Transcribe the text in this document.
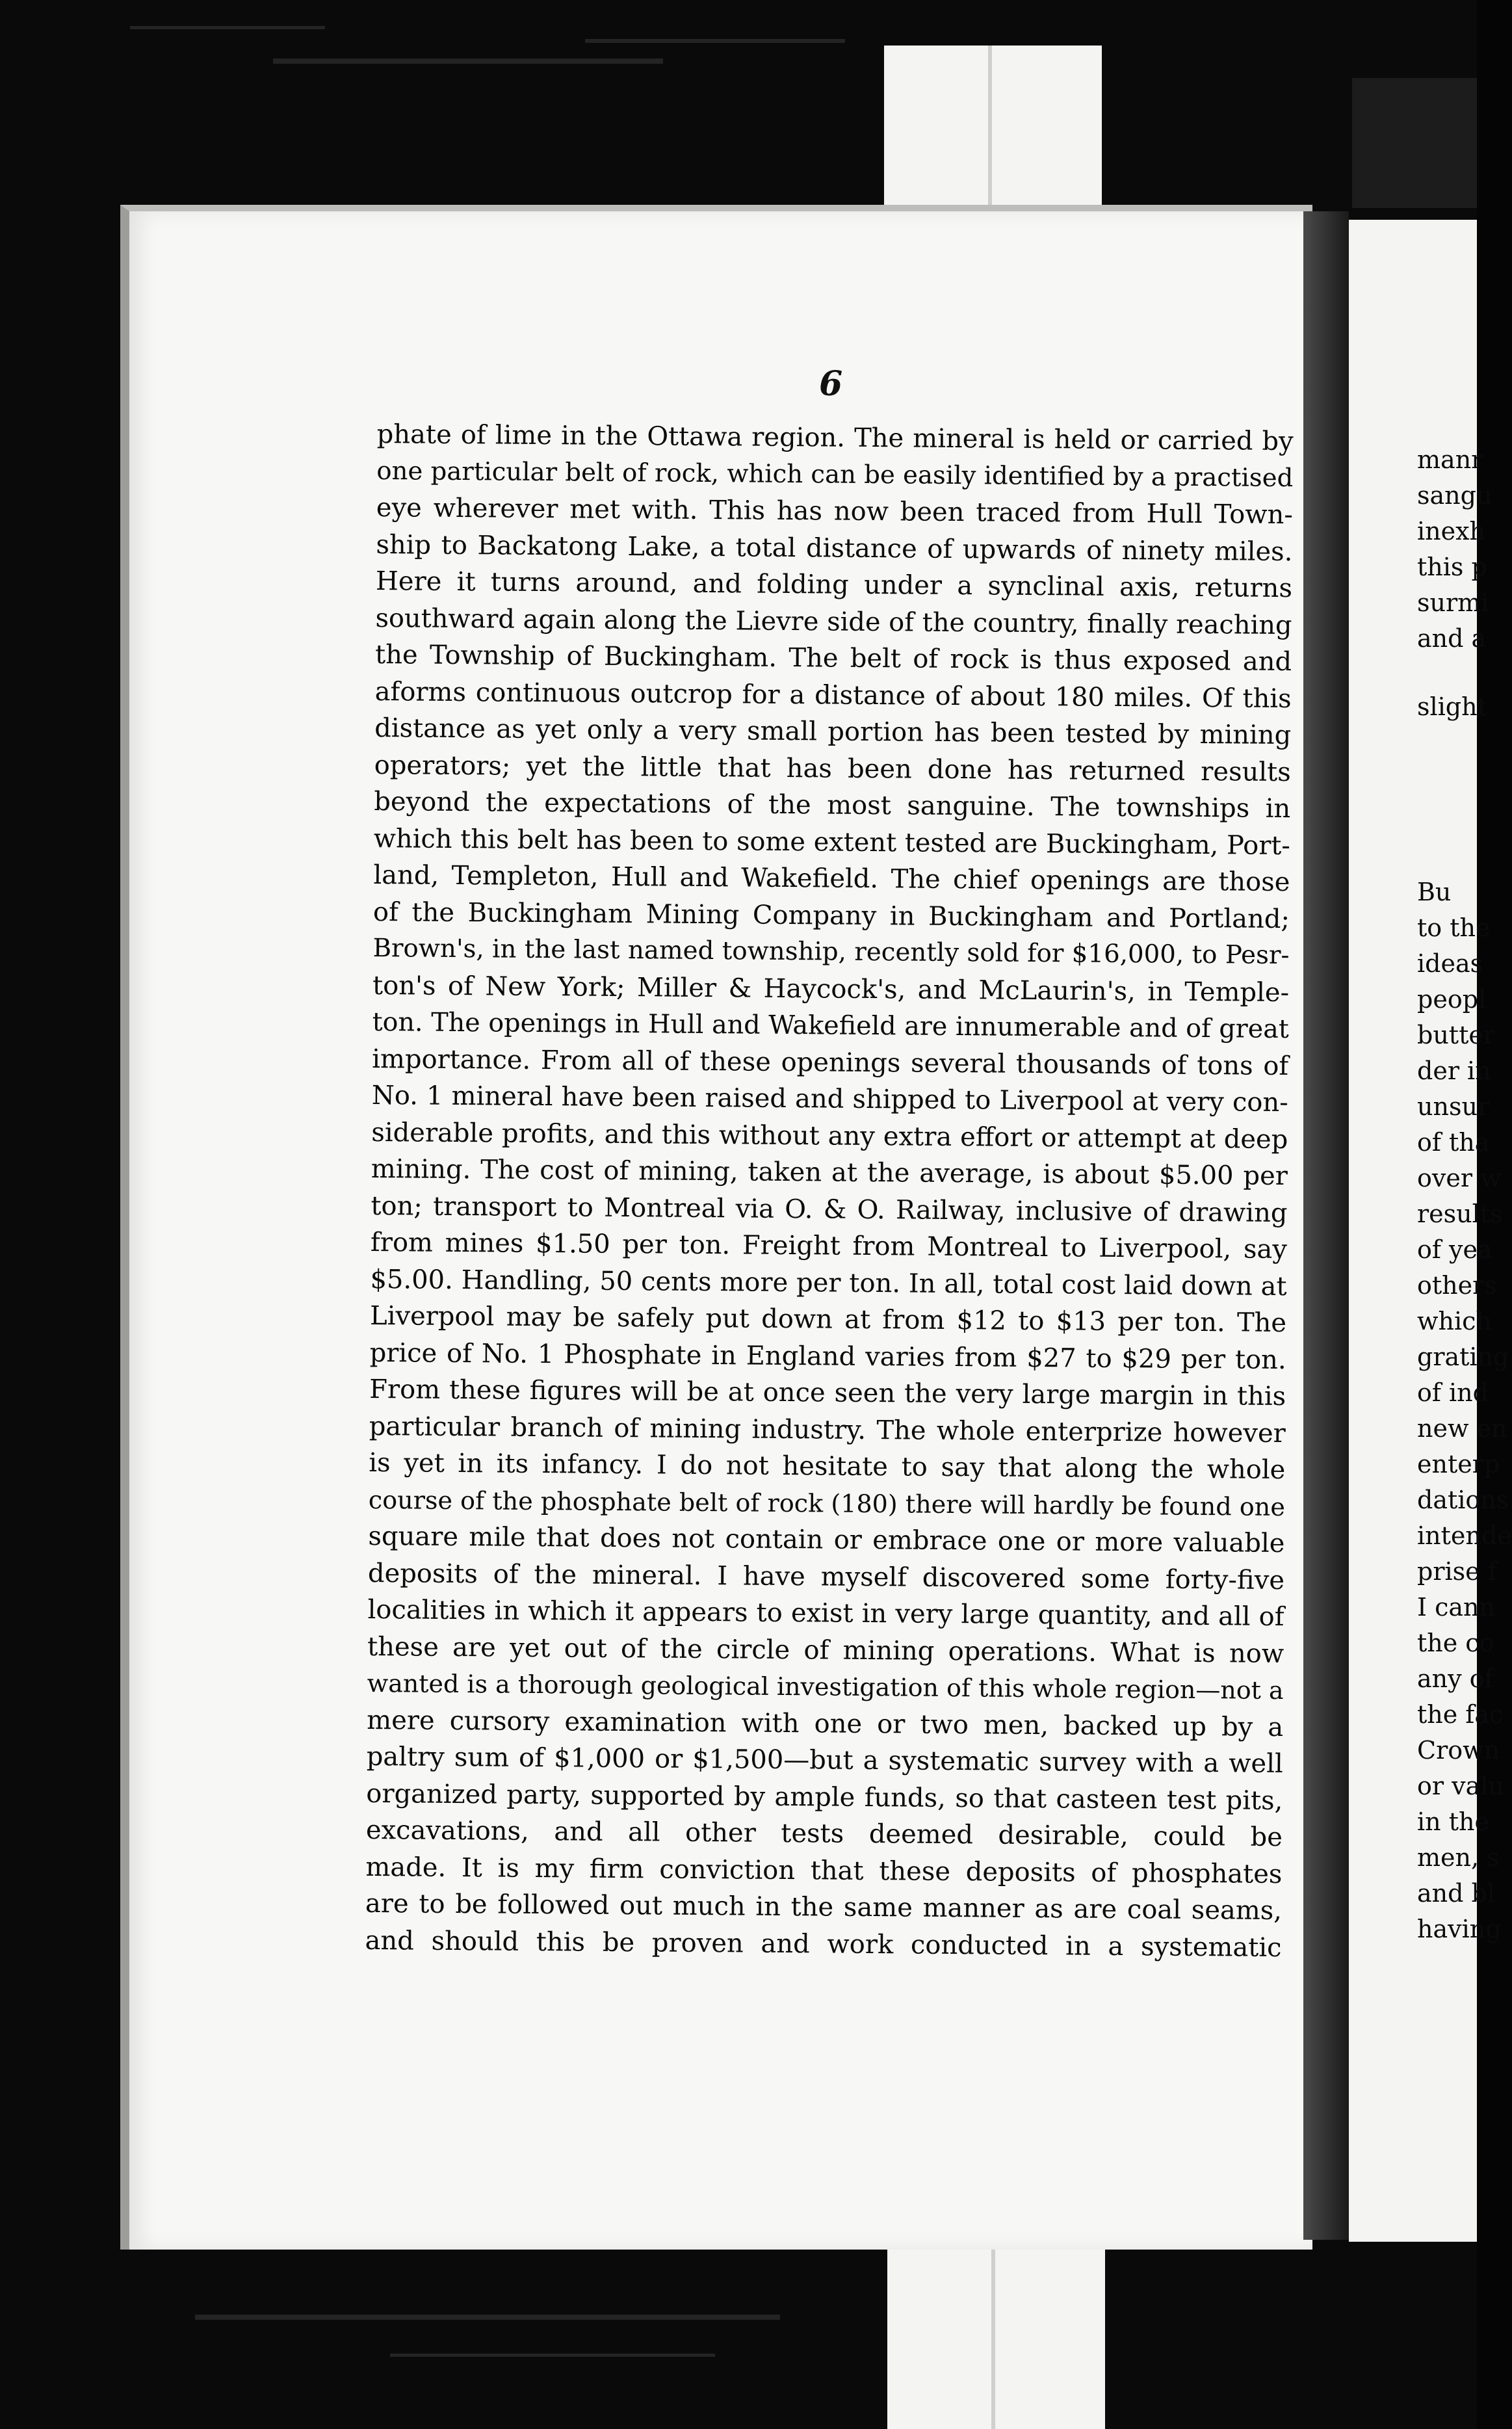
6
phate of lime in the Ottawa region. The mineral is held or carried by
one particular belt of rock, which can be easily identified by a practised
eye wherever met with. This has now been traced from Hull Town-
ship to Backatong Lake, a total distance of upwards of ninety miles.
Here it turns around, and folding under a synclinal axis, returns
southward again along the Lievre side of the country, finally reaching
the Township of Buckingham. The belt of rock is thus exposed and
aforms continuous outcrop for a distance of about 180 miles. Of this
distance as yet only a very small portion has been tested by mining
operators; yet the little that has been done has returned results
beyond the expectations of the most sanguine. The townships in
which this belt has been to some extent tested are Buckingham, Port-
land, Templeton, Hull and Wakefield. The chief openings are those
of the Buckingham Mining Company in Buckingham and Portland;
Brown's, in the last named township, recently sold for $16,000, to Pesr-
ton's of New York; Miller & Haycock's, and McLaurin's, in Temple-
ton. The openings in Hull and Wakefield are innumerable and of great
importance. From all of these openings several thousands of tons of
No. 1 mineral have been raised and shipped to Liverpool at very con-
siderable profits, and this without any extra effort or attempt at deep
mining. The cost of mining, taken at the average, is about $5.00 per
ton; transport to Montreal via O. & O. Railway, inclusive of drawing
from mines $1.50 per ton. Freight from Montreal to Liverpool, say
$5.00. Handling, 50 cents more per ton. In all, total cost laid down at
Liverpool may be safely put down at from $12 to $13 per ton. The
price of No. 1 Phosphate in England varies from $27 to $29 per ton.
From these figures will be at once seen the very large margin in this
particular branch of mining industry. The whole enterprize however
is yet in its infancy. I do not hesitate to say that along the whole
course of the phosphate belt of rock (180) there will hardly be found one
square mile that does not contain or embrace one or more valuable
deposits of the mineral. I have myself discovered some forty-five
localities in which it appears to exist in very large quantity, and all of
these are yet out of the circle of mining operations. What is now
wanted is a thorough geological investigation of this whole region—not a
mere cursory examination with one or two men, backed up by a
paltry sum of $1,000 or $1,500—but a systematic survey with a well
organized party, supported by ample funds, so that casteen test pits,
excavations, and all other tests deemed desirable, could be
made. It is my firm conviction that these deposits of phosphates
are to be followed out much in the same manner as are coal seams,
and should this be proven and work conducted in a systematic
manr
sangu
inexh
this p
surmi
and a
slight
Bu
to the
ideas
peopl
butter
der in
unsur
of tha
over w
results
of yea
others
which
grating
of ind
new en
enterp
dations
intende
prise f
I cann
the co
any of
the fac
Crown
or valu
in the
men, s
and bl
having
